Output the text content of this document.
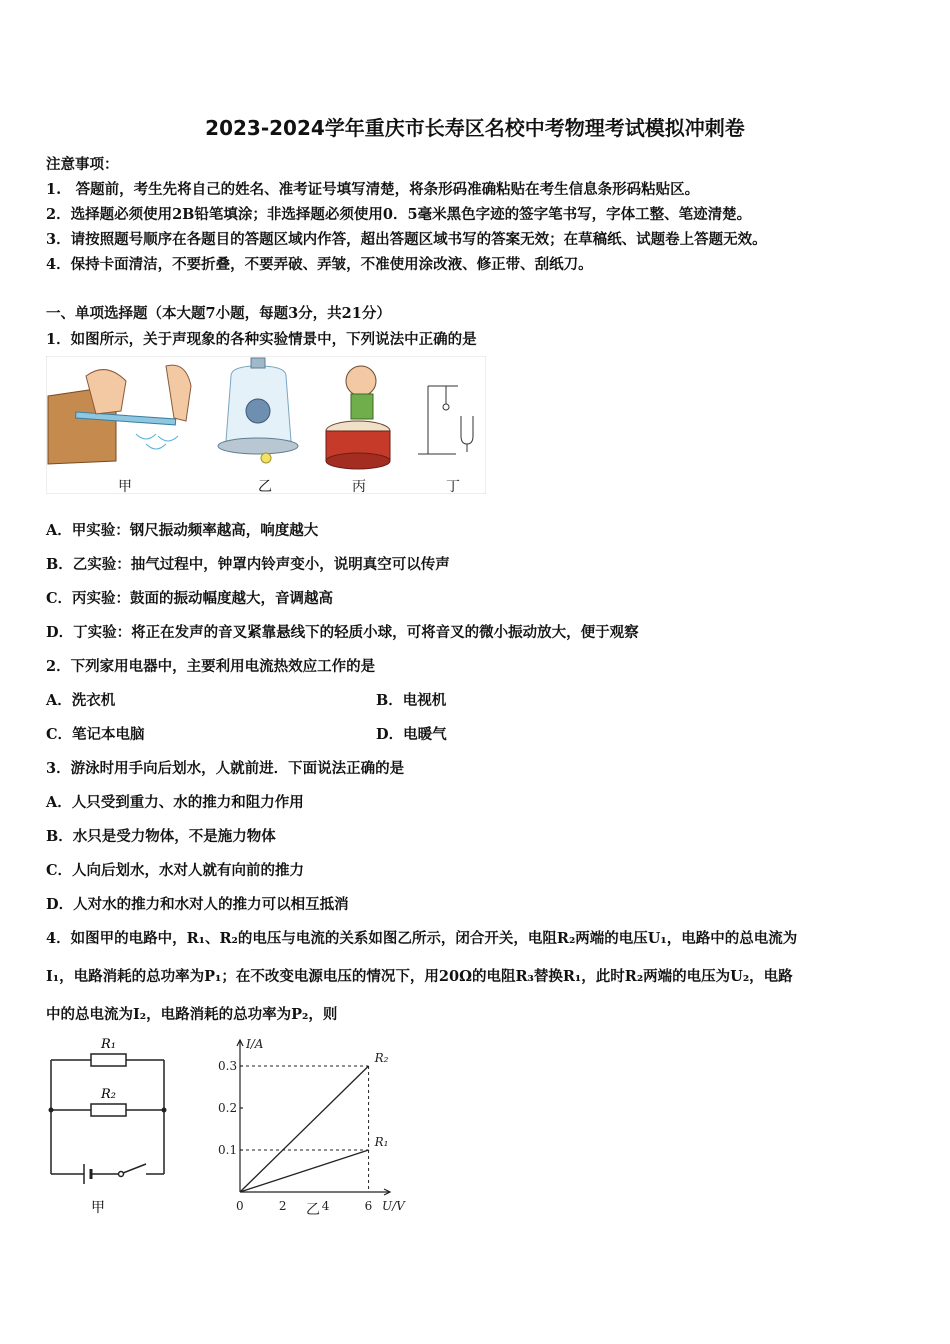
2023-2024学年重庆市长寿区名校中考物理考试模拟冲刺卷
注意事项：
1.　答题前，考生先将自己的姓名、准考证号填写清楚，将条形码准确粘贴在考生信息条形码粘贴区。
2．选择题必须使用2B铅笔填涂；非选择题必须使用0．5毫米黑色字迹的签字笔书写，字体工整、笔迹清楚。
3．请按照题号顺序在各题目的答题区域内作答，超出答题区域书写的答案无效；在草稿纸、试题卷上答题无效。
4．保持卡面清洁，不要折叠，不要弄破、弄皱，不准使用涂改液、修正带、刮纸刀。
一、单项选择题（本大题7小题，每题3分，共21分）
1．如图所示，关于声现象的各种实验情景中，下列说法中正确的是
甲	乙	丙	丁
A．甲实验：钢尺振动频率越高，响度越大
B．乙实验：抽气过程中，钟罩内铃声变小，说明真空可以传声
C．丙实验：鼓面的振动幅度越大，音调越高
D．丁实验：将正在发声的音叉紧靠悬线下的轻质小球，可将音叉的微小振动放大，便于观察
2．下列家用电器中，主要利用电流热效应工作的是
A．洗衣机	B．电视机
C．笔记本电脑	D．电暖气
3．游泳时用手向后划水，人就前进．下面说法正确的是
A．人只受到重力、水的推力和阻力作用
B．水只是受力物体，不是施力物体
C．人向后划水，水对人就有向前的推力
D．人对水的推力和水对人的推力可以相互抵消
4．如图甲的电路中，R₁、R₂的电压与电流的关系如图乙所示，闭合开关，电阻R₂两端的电压U₁，电路中的总电流为
I₁，电路消耗的总功率为P₁；在不改变电源电压的情况下，用20Ω的电阻R₃替换R₁，此时R₂两端的电压为U₂，电路
中的总电流为I₂，电路消耗的总功率为P₂，则
R₁
R₂
甲
0.1
0.2
0.3
0	2	4	6
R₂
R₁
I/A
U/V
乙
